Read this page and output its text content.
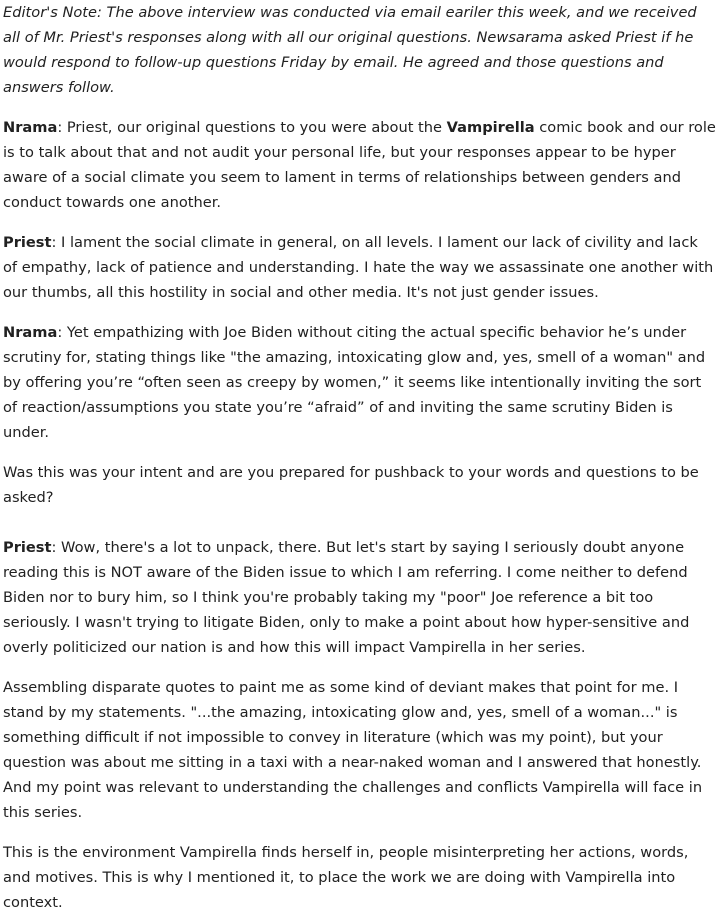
Editor's Note: The above interview was conducted via email eariler this week, and we received all of Mr. Priest's responses along with all our original questions. Newsarama asked Priest if he would respond to follow-up questions Friday by email. He agreed and those questions and answers follow.

Nrama: Priest, our original questions to you were about the Vampirella comic book and our role is to talk about that and not audit your personal life, but your responses appear to be hyper aware of a social climate you seem to lament in terms of relationships between genders and conduct towards one another.

Priest: I lament the social climate in general, on all levels. I lament our lack of civility and lack of empathy, lack of patience and understanding. I hate the way we assassinate one another with our thumbs, all this hostility in social and other media. It's not just gender issues.

Nrama: Yet empathizing with Joe Biden without citing the actual specific behavior he’s under scrutiny for, stating things like "the amazing, intoxicating glow and, yes, smell of a woman" and by offering you’re “often seen as creepy by women,” it seems like intentionally inviting the sort of reaction/assumptions you state you’re “afraid” of and inviting the same scrutiny Biden is under.

Was this was your intent and are you prepared for pushback to your words and questions to be asked?

Priest: Wow, there's a lot to unpack, there. But let's start by saying I seriously doubt anyone reading this is NOT aware of the Biden issue to which I am referring. I come neither to defend Biden nor to bury him, so I think you're probably taking my "poor" Joe reference a bit too seriously. I wasn't trying to litigate Biden, only to make a point about how hyper-sensitive and overly politicized our nation is and how this will impact Vampirella in her series.

Assembling disparate quotes to paint me as some kind of deviant makes that point for me. I stand by my statements. "...the amazing, intoxicating glow and, yes, smell of a woman..." is something difficult if not impossible to convey in literature (which was my point), but your question was about me sitting in a taxi with a near-naked woman and I answered that honestly. And my point was relevant to understanding the challenges and conflicts Vampirella will face in this series.

This is the environment Vampirella finds herself in, people misinterpreting her actions, words, and motives. This is why I mentioned it, to place the work we are doing with Vampirella into context.
